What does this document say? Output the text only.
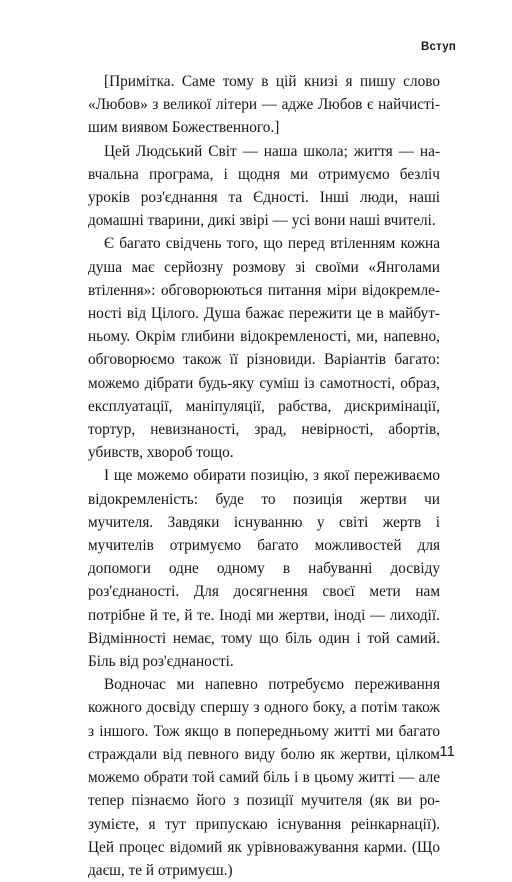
Вступ

[Примітка. Саме тому в цій книзі я пишу слово «Любов» з великої літери — адже Любов є найчистішим виявом Божественного.]

Цей Людський Світ — наша школа; життя — навчальна програма, і щодня ми отримуємо безліч уроків роз'єднання та Єдності. Інші люди, наші домашні тварини, дикі звірі — усі вони наші вчителі.

Є багато свідчень того, що перед втіленням кожна душа має серйозну розмову зі своїми «Янголами втілення»: обговорюються питання міри відокремленості від Цілого. Душа бажає пережити це в майбутньому. Окрім глибини відокремленості, ми, напевно, обговорюємо також її різновиди. Варіантів багато: можемо дібрати будь-яку суміш із самотності, образ, експлуатації, маніпуляції, рабства, дискримінації, тортур, невизнаності, зрад, невірності, абортів, убивств, хвороб тощо.

І ще можемо обирати позицію, з якої переживаємо відокремленість: буде то позиція жертви чи мучителя. Завдяки існуванню у світі жертв і мучителів отримуємо багато можливостей для допомоги одне одному в набуванні досвіду роз'єднаності. Для досягнення своєї мети нам потрібне й те, й те. Іноді ми жертви, іноді — лиходії. Відмінності немає, тому що біль один і той самий. Біль від роз'єднаності.

Водночас ми напевно потребуємо переживання кожного досвіду спершу з одного боку, а потім також з іншого. Тож якщо в попередньому житті ми багато страждали від певного виду болю як жертви, цілком можемо обрати той самий біль і в цьому житті — але тепер пізнаємо його з позиції мучителя (як ви розумієте, я тут припускаю існування реінкарнації). Цей процес відомий як урівноважування карми. (Що даєш, те й отримуєш.)

11
